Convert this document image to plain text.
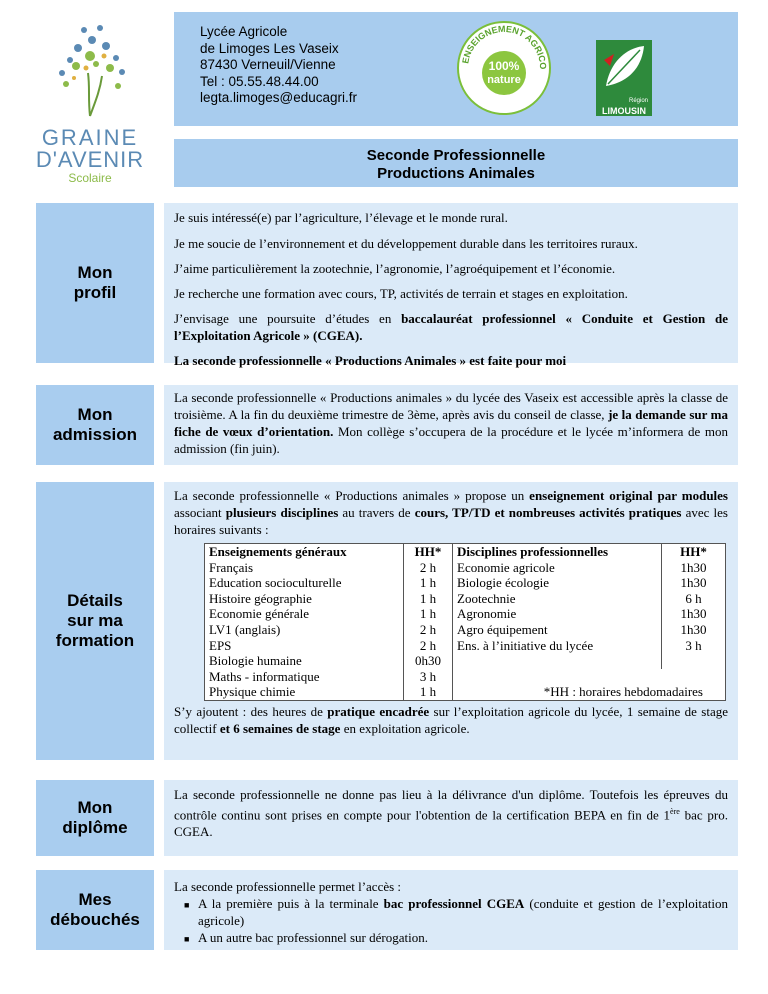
GRAINE
D'AVENIR
Scolaire
Lycée Agricole
de Limoges Les Vaseix
87430 Verneuil/Vienne
Tel : 05.55.48.44.00
legta.limoges@educagri.fr
ENSEIGNEMENT AGRICO
100%
nature
Région
LIMOUSIN
Seconde Professionnelle
Productions Animales
Mon
profil

Je suis intéressé(e) par l’agriculture, l’élevage et le monde rural.

Je me soucie de l’environnement et du développement durable dans les territoires ruraux.

J’aime particulièrement la zootechnie, l’agronomie, l’agroéquipement et l’économie.

Je recherche une formation avec cours, TP, activités de terrain et stages en exploitation.

J’envisage une poursuite d’études en baccalauréat professionnel « Conduite et Gestion de l’Exploitation Agricole » (CGEA).

La seconde professionnelle « Productions Animales » est faite pour moi

Mon
admission

La seconde professionnelle « Productions animales » du lycée des Vaseix est accessible après la classe de troisième. A la fin du deuxième trimestre de 3ème, après avis du conseil de classe, je la demande sur ma fiche de vœux d’orientation. Mon collège s’occupera de la procédure et le lycée m’informera de mon admission (fin juin).

Détails
sur ma
formation

La seconde professionnelle « Productions animales » propose un enseignement original par modules associant plusieurs disciplines au travers de cours, TP/TD et nombreuses activités pratiques avec les horaires suivants :

Enseignements généraux	HH*	Disciplines professionnelles	HH*
Français	2 h	Economie agricole	1h30
Education socioculturelle	1 h	Biologie écologie	1h30
Histoire géographie	1 h	Zootechnie	6 h
Economie générale	1 h	Agronomie	1h30
LV1 (anglais)	2 h	Agro équipement	1h30
EPS	2 h	Ens. à l’initiative du lycée	3 h
Biologie humaine	0h30		
Maths - informatique	3 h	*HH : horaires hebdomadaires	
Physique chimie	1 h		

S’y ajoutent : des heures de pratique encadrée sur l’exploitation agricole du lycée, 1 semaine de stage collectif et 6 semaines de stage en exploitation agricole.

Mon
diplôme

La seconde professionnelle ne donne pas lieu à la délivrance d'un diplôme. Toutefois les épreuves du contrôle continu sont prises en compte pour l'obtention de la certification BEPA en fin de 1ère bac pro. CGEA.

Mes
débouchés

La seconde professionnelle permet l’accès :

■ A la première puis à la terminale bac professionnel CGEA (conduite et gestion de l’exploitation agricole)
■ A un autre bac professionnel sur dérogation.
